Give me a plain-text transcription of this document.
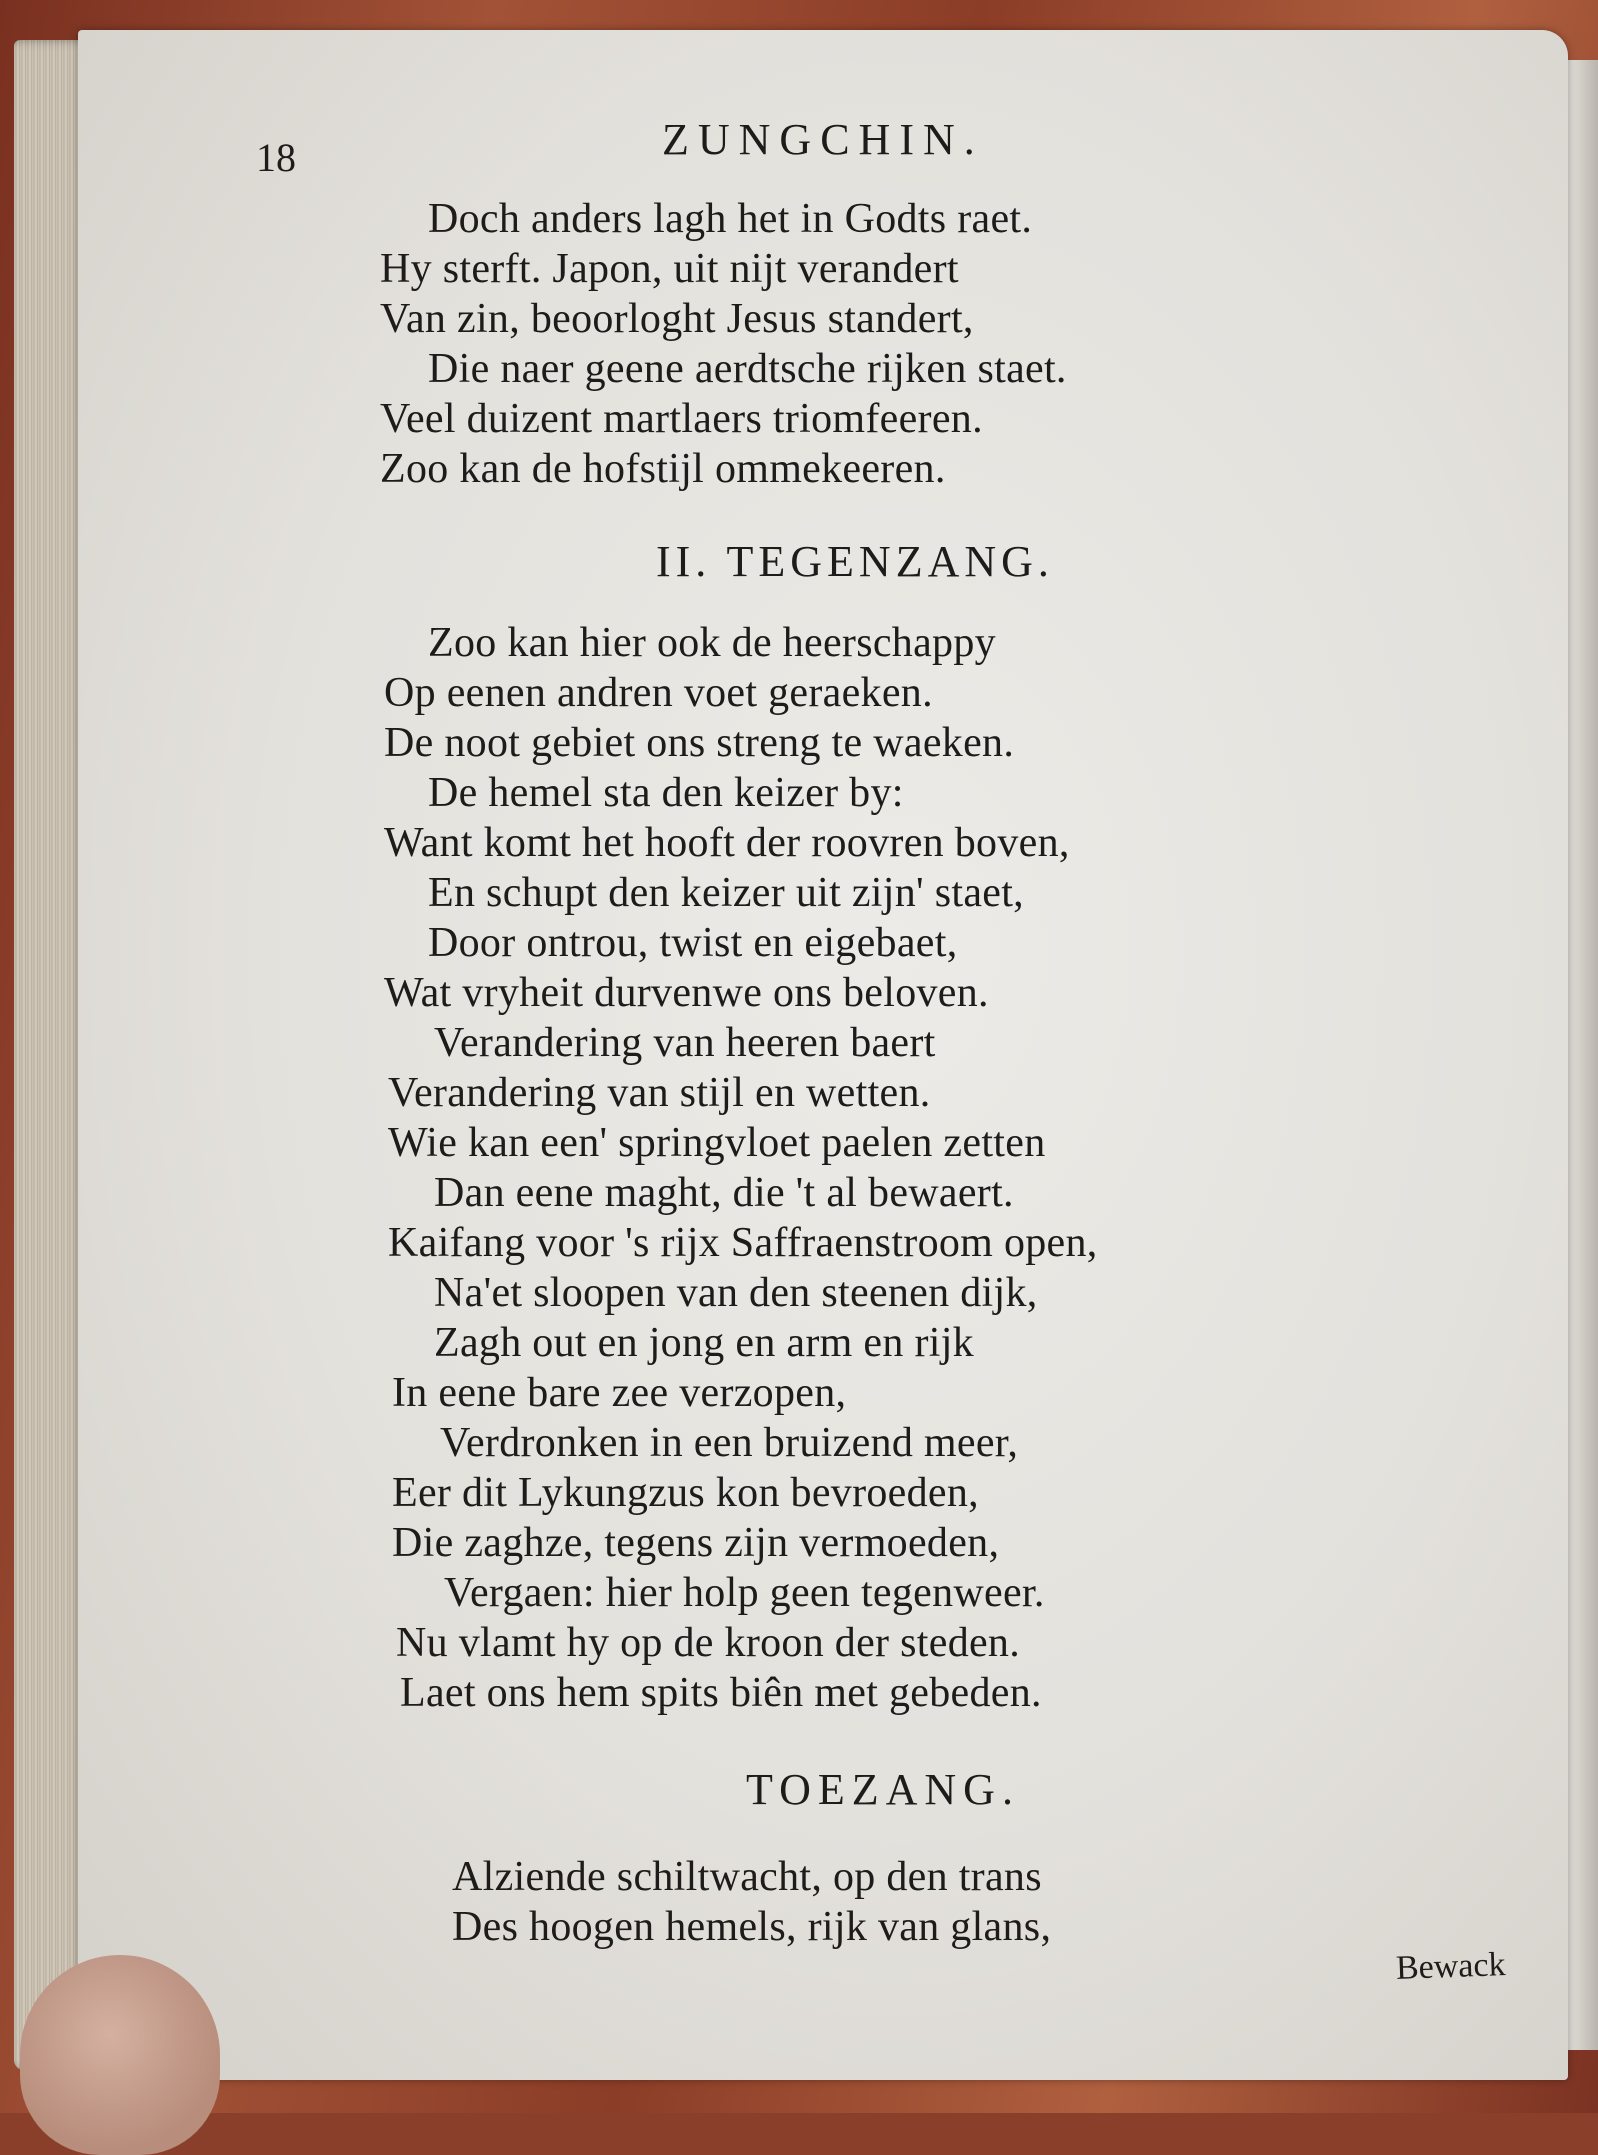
18	ZUNGCHIN.
Doch anders lagh het in Godts raet.
Hy sterft. Japon, uit nijt verandert
Van zin, beoorloght Jesus standert,
Die naer geene aerdtsche rijken staet.
Veel duizent martlaers triomfeeren.
Zoo kan de hofstijl ommekeeren.
II. TEGENZANG.
Zoo kan hier ook de heerschappy
Op eenen andren voet geraeken.
De noot gebiet ons streng te waeken.
De hemel sta den keizer by:
Want komt het hooft der roovren boven,
En schupt den keizer uit zijn' staet,
Door ontrou, twist en eigebaet,
Wat vryheit durvenwe ons beloven.
Verandering van heeren baert
Verandering van stijl en wetten.
Wie kan een' springvloet paelen zetten
Dan eene maght, die 't al bewaert.
Kaifang voor 's rijx Saffraenstroom open,
Na'et sloopen van den steenen dijk,
Zagh out en jong en arm en rijk
In eene bare zee verzopen,
Verdronken in een bruizend meer,
Eer dit Lykungzus kon bevroeden,
Die zaghze, tegens zijn vermoeden,
Vergaen: hier holp geen tegenweer.
Nu vlamt hy op de kroon der steden.
Laet ons hem spits biên met gebeden.
TOEZANG.
Alziende schiltwacht, op den trans
Des hoogen hemels, rijk van glans,
Bewack
